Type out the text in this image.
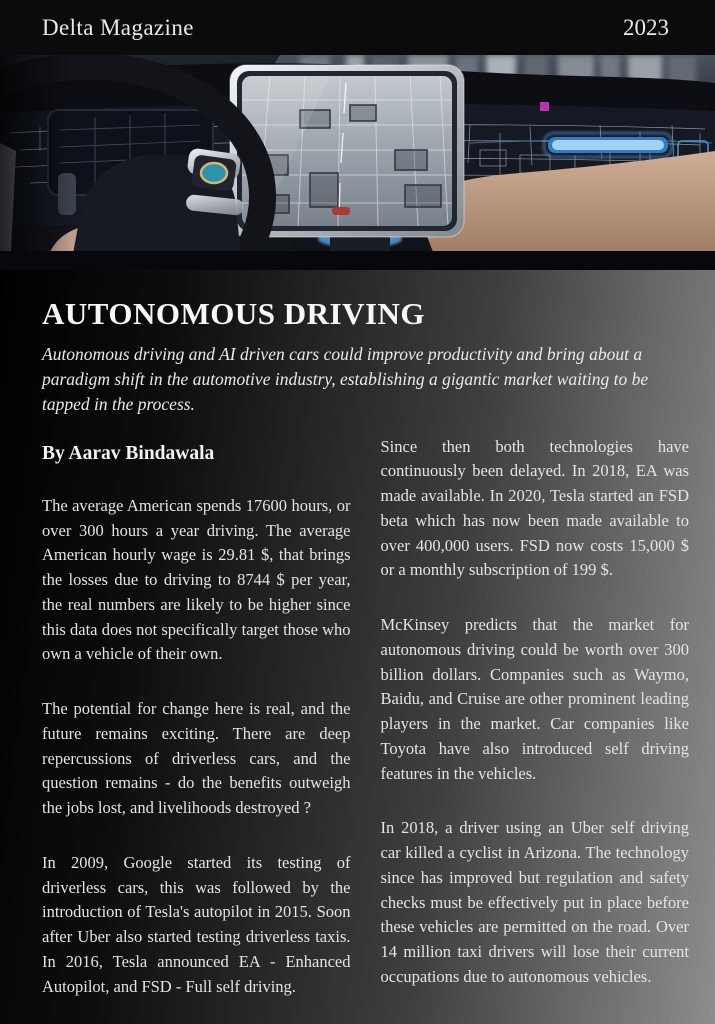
Delta Magazine	2023
AUTONOMOUS DRIVING

Autonomous driving and AI driven cars could improve productivity and bring about a paradigm shift in the automotive industry, establishing a gigantic market waiting to be tapped in the process.

By Aarav Bindawala

The average American spends 17600 hours, or over 300 hours a year driving. The average American hourly wage is 29.81 $, that brings the losses due to driving to 8744 $ per year, the real numbers are likely to be higher since this data does not specifically target those who own a vehicle of their own.

The potential for change here is real, and the future remains exciting. There are deep repercussions of driverless cars, and the question remains - do the benefits outweigh the jobs lost, and livelihoods destroyed ?

In 2009, Google started its testing of driverless cars, this was followed by the introduction of Tesla's autopilot in 2015. Soon after Uber also started testing driverless taxis. In 2016, Tesla announced EA - Enhanced Autopilot, and FSD - Full self driving.

Since then both technologies have continuously been delayed. In 2018, EA was made available. In 2020, Tesla started an FSD beta which has now been made available to over 400,000 users. FSD now costs 15,000 $ or a monthly subscription of 199 $.

McKinsey predicts that the market for autonomous driving could be worth over 300 billion dollars. Companies such as Waymo, Baidu, and Cruise are other prominent leading players in the market. Car companies like Toyota have also introduced self driving features in the vehicles.

In 2018, a driver using an Uber self driving car killed a cyclist in Arizona. The technology since has improved but regulation and safety checks must be effectively put in place before these vehicles are permitted on the road. Over 14 million taxi drivers will lose their current occupations due to autonomous vehicles.
